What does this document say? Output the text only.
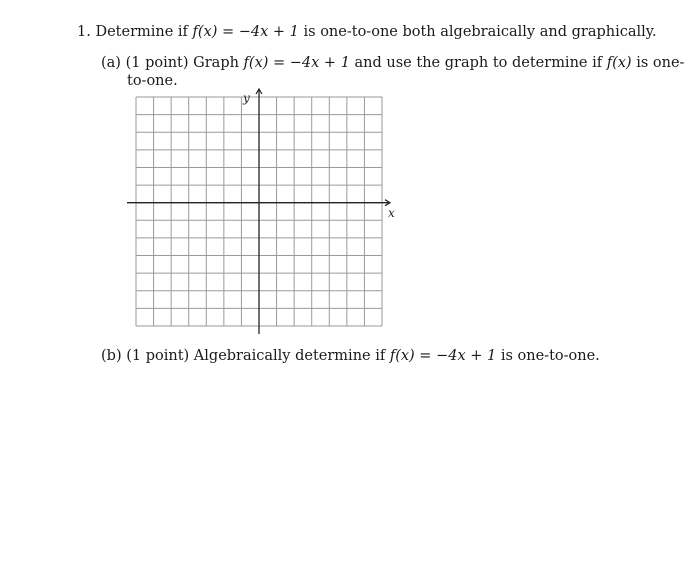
1. Determine if f(x) = −4x + 1 is one-to-one both algebraically and graphically.
(a) (1 point) Graph f(x) = −4x + 1 and use the graph to determine if f(x) is one-
to-one.
x
y
(b) (1 point) Algebraically determine if f(x) = −4x + 1 is one-to-one.
